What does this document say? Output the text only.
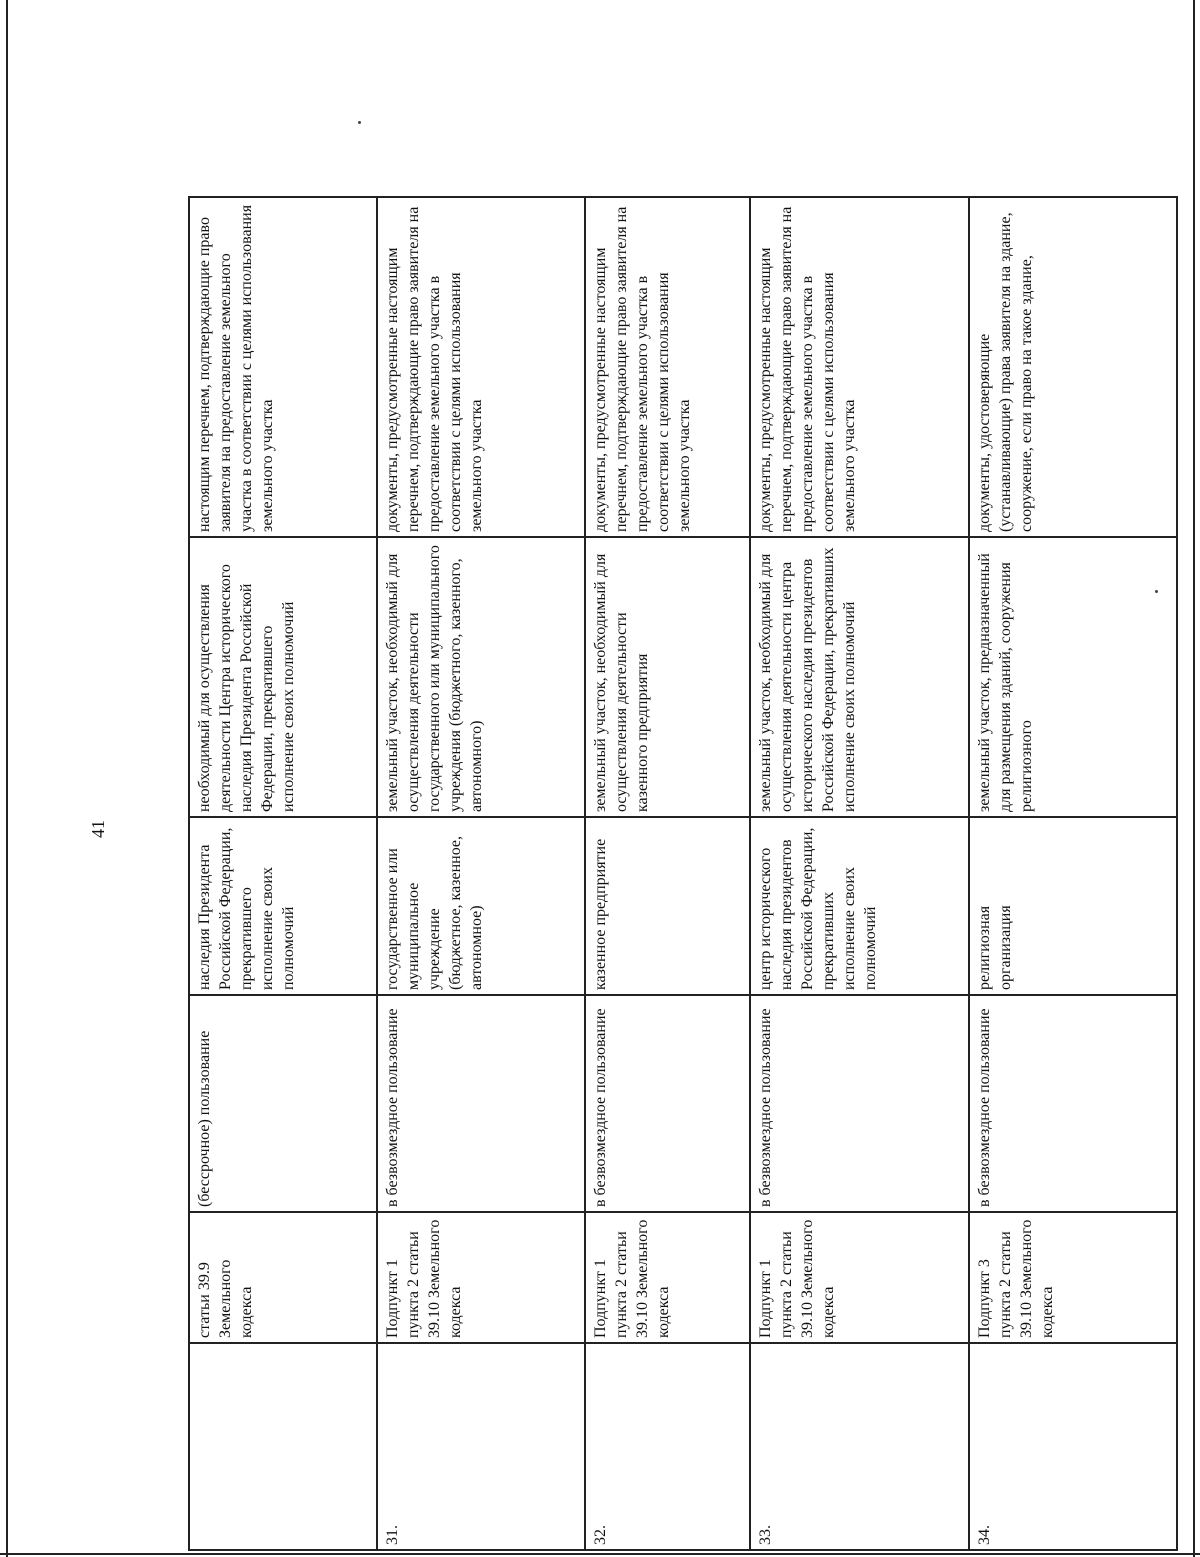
41
настоящим перечнем, подтверждающие право заявителя на предоставление земельного участка в соответствии с целями использования земельного участка
необходимый для осуществления деятельности Центра исторического наследия Президента Российской Федерации, прекратившего исполнение своих полномочий
наследия Президента Российской Федерации, прекратившего исполнение своих полномочий
(бессрочное) пользование
статьи 39.9 Земельного кодекса
документы, предусмотренные настоящим перечнем, подтверждающие право заявителя на предоставление земельного участка в соответствии с целями использования земельного участка
земельный участок, необходимый для осуществления деятельности государственного или муниципального учреждения (бюджетного, казенного, автономного)
государственное или муниципальное учреждение (бюджетное, казенное, автономное)
в безвозмездное пользование
Подпункт 1 пункта 2 статьи 39.10 Земельного кодекса
31.
документы, предусмотренные настоящим перечнем, подтверждающие право заявителя на предоставление земельного участка в соответствии с целями использования земельного участка
земельный участок, необходимый для осуществления деятельности казенного предприятия
казенное предприятие
в безвозмездное пользование
Подпункт 1 пункта 2 статьи 39.10 Земельного кодекса
32.
документы, предусмотренные настоящим перечнем, подтверждающие право заявителя на предоставление земельного участка в соответствии с целями использования земельного участка
земельный участок, необходимый для осуществления деятельности центра исторического наследия президентов Российской Федерации, прекративших исполнение своих полномочий
центр исторического наследия президентов Российской Федерации, прекративших исполнение своих полномочий
в безвозмездное пользование
Подпункт 1 пункта 2 статьи 39.10 Земельного кодекса
33.
документы, удостоверяющие (устанавливающие) права заявителя на здание, сооружение, если право на такое здание,
земельный участок, предназначенный для размещения зданий, сооружения религиозного
религиозная организация
в безвозмездное пользование
Подпункт 3 пункта 2 статьи 39.10 Земельного кодекса
34.
